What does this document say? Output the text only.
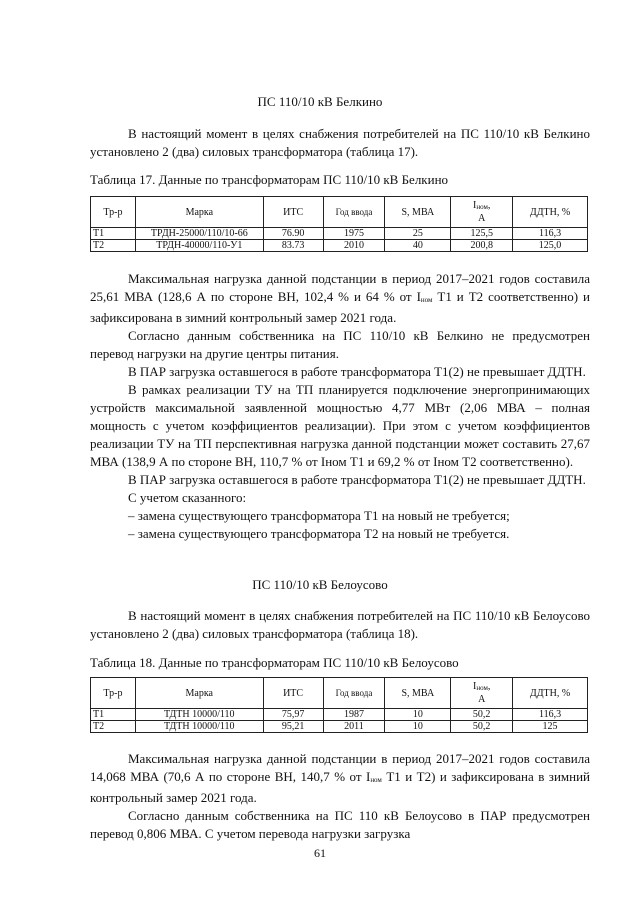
ПС 110/10 кВ Белкино

В настоящий момент в целях снабжения потребителей на ПС 110/10 кВ Белкино установлено 2 (два) силовых трансформатора (таблица 17).

Таблица 17. Данные по трансформаторам ПС 110/10 кВ Белкино
Тр-р	Марка	ИТС	Год ввода	S, МВА	Iном,
А	ДДТН, %
Т1	ТРДН-25000/110/10-66	76.90	1975	25	125,5	116,3
Т2	ТРДН-40000/110-У1	83.73	2010	40	200,8	125,0

Максимальная нагрузка данной подстанции в период 2017–2021 годов составила 25,61 МВА (128,6 А по стороне ВН, 102,4 % и 64 % от Iном Т1 и Т2 соответственно) и зафиксирована в зимний контрольный замер 2021 года.

Согласно данным собственника на ПС 110/10 кВ Белкино не предусмотрен перевод нагрузки на другие центры питания.

В ПАР загрузка оставшегося в работе трансформатора Т1(2) не превышает ДДТН.

В рамках реализации ТУ на ТП планируется подключение энергопринимающих устройств максимальной заявленной мощностью 4,77 МВт (2,06 МВА – полная мощность с учетом коэффициентов реализации). При этом с учетом коэффициентов реализации ТУ на ТП перспективная нагрузка данной подстанции может составить 27,67 МВА (138,9 А по стороне ВН, 110,7 % от Iном Т1 и 69,2 % от Iном Т2 соответственно).

В ПАР загрузка оставшегося в работе трансформатора Т1(2) не превышает ДДТН.

С учетом сказанного:

– замена существующего трансформатора Т1 на новый не требуется;
– замена существующего трансформатора Т2 на новый не требуется.
ПС 110/10 кВ Белоусово

В настоящий момент в целях снабжения потребителей на ПС 110/10 кВ Белоусово установлено 2 (два) силовых трансформатора (таблица 18).

Таблица 18. Данные по трансформаторам ПС 110/10 кВ Белоусово
Тр-р	Марка	ИТС	Год ввода	S, МВА	Iном,
А	ДДТН, %
Т1	ТДТН 10000/110	75,97	1987	10	50,2	116,3
Т2	ТДТН 10000/110	95,21	2011	10	50,2	125

Максимальная нагрузка данной подстанции в период 2017–2021 годов составила 14,068 МВА (70,6 А по стороне ВН, 140,7 % от Iном Т1 и Т2) и зафиксирована в зимний контрольный замер 2021 года.

Согласно данным собственника на ПС 110 кВ Белоусово в ПАР предусмотрен перевод 0,806 МВА. С учетом перевода нагрузки загрузка

61
